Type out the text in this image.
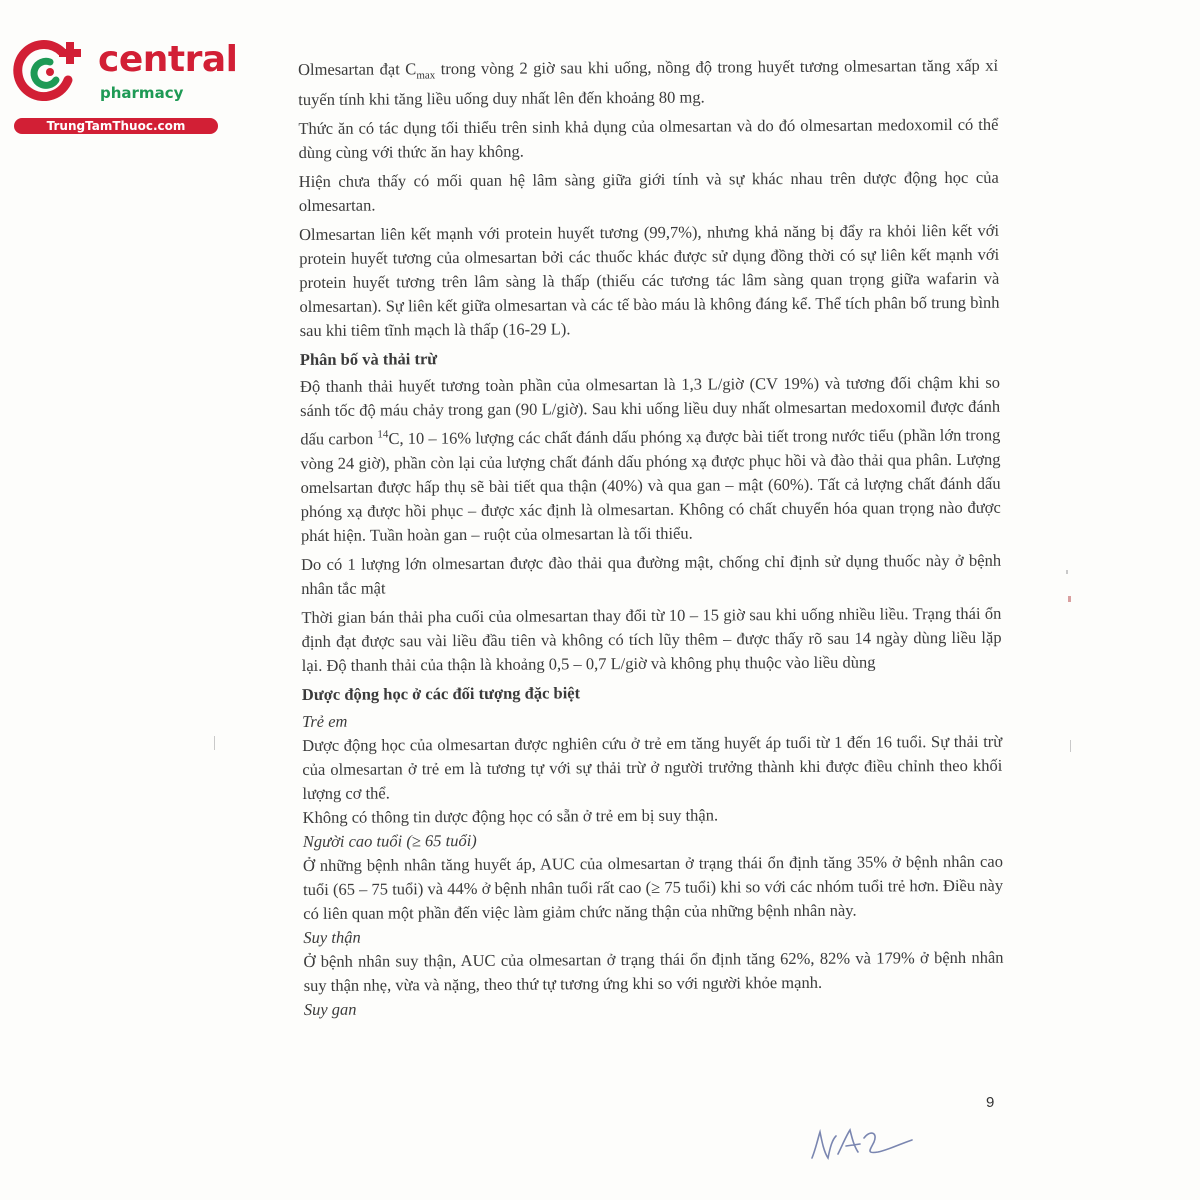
central
pharmacy
TrungTamThuoc.com

Olmesartan đạt $C_{max}$ trong vòng 2 giờ sau khi uống, nồng độ trong huyết tương olmesartan tăng xấp xỉ tuyến tính khi tăng liều uống duy nhất lên đến khoảng 80 mg.

Thức ăn có tác dụng tối thiểu trên sinh khả dụng của olmesartan và do đó olmesartan medoxomil có thể dùng cùng với thức ăn hay không.

Hiện chưa thấy có mối quan hệ lâm sàng giữa giới tính và sự khác nhau trên dược động học của olmesartan.

Olmesartan liên kết mạnh với protein huyết tương (99,7%), nhưng khả năng bị đẩy ra khỏi liên kết với protein huyết tương của olmesartan bởi các thuốc khác được sử dụng đồng thời có sự liên kết mạnh với protein huyết tương trên lâm sàng là thấp (thiếu các tương tác lâm sàng quan trọng giữa wafarin và olmesartan). Sự liên kết giữa olmesartan và các tế bào máu là không đáng kể. Thể tích phân bố trung bình sau khi tiêm tĩnh mạch là thấp (16-29 L).

Phân bố và thải trừ

Độ thanh thải huyết tương toàn phần của olmesartan là 1,3 L/giờ (CV 19%) và tương đối chậm khi so sánh tốc độ máu chảy trong gan (90 L/giờ). Sau khi uống liều duy nhất olmesartan medoxomil được đánh dấu carbon $^{14}$C, 10 – 16% lượng các chất đánh dấu phóng xạ được bài tiết trong nước tiểu (phần lớn trong vòng 24 giờ), phần còn lại của lượng chất đánh dấu phóng xạ được phục hồi và đào thải qua phân. Lượng omelsartan được hấp thụ sẽ bài tiết qua thận (40%) và qua gan – mật (60%). Tất cả lượng chất đánh dấu phóng xạ được hồi phục – được xác định là olmesartan. Không có chất chuyển hóa quan trọng nào được phát hiện. Tuần hoàn gan – ruột của olmesartan là tối thiểu.

Do có 1 lượng lớn olmesartan được đào thải qua đường mật, chống chỉ định sử dụng thuốc này ở bệnh nhân tắc mật

Thời gian bán thải pha cuối của olmesartan thay đổi từ 10 – 15 giờ sau khi uống nhiều liều. Trạng thái ổn định đạt được sau vài liều đầu tiên và không có tích lũy thêm – được thấy rõ sau 14 ngày dùng liều lặp lại. Độ thanh thải của thận là khoảng 0,5 – 0,7 L/giờ và không phụ thuộc vào liều dùng

Dược động học ở các đối tượng đặc biệt

Trẻ em

Dược động học của olmesartan được nghiên cứu ở trẻ em tăng huyết áp tuổi từ 1 đến 16 tuổi. Sự thải trừ của olmesartan ở trẻ em là tương tự với sự thải trừ ở người trưởng thành khi được điều chỉnh theo khối lượng cơ thể.

Không có thông tin dược động học có sẵn ở trẻ em bị suy thận.

Người cao tuổi (≥ 65 tuổi)

Ở những bệnh nhân tăng huyết áp, AUC của olmesartan ở trạng thái ổn định tăng 35% ở bệnh nhân cao tuổi (65 – 75 tuổi) và 44% ở bệnh nhân tuổi rất cao (≥ 75 tuổi) khi so với các nhóm tuổi trẻ hơn. Điều này có liên quan một phần đến việc làm giảm chức năng thận của những bệnh nhân này.

Suy thận

Ở bệnh nhân suy thận, AUC của olmesartan ở trạng thái ổn định tăng 62%, 82% và 179% ở bệnh nhân suy thận nhẹ, vừa và nặng, theo thứ tự tương ứng khi so với người khỏe mạnh.

Suy gan

9
